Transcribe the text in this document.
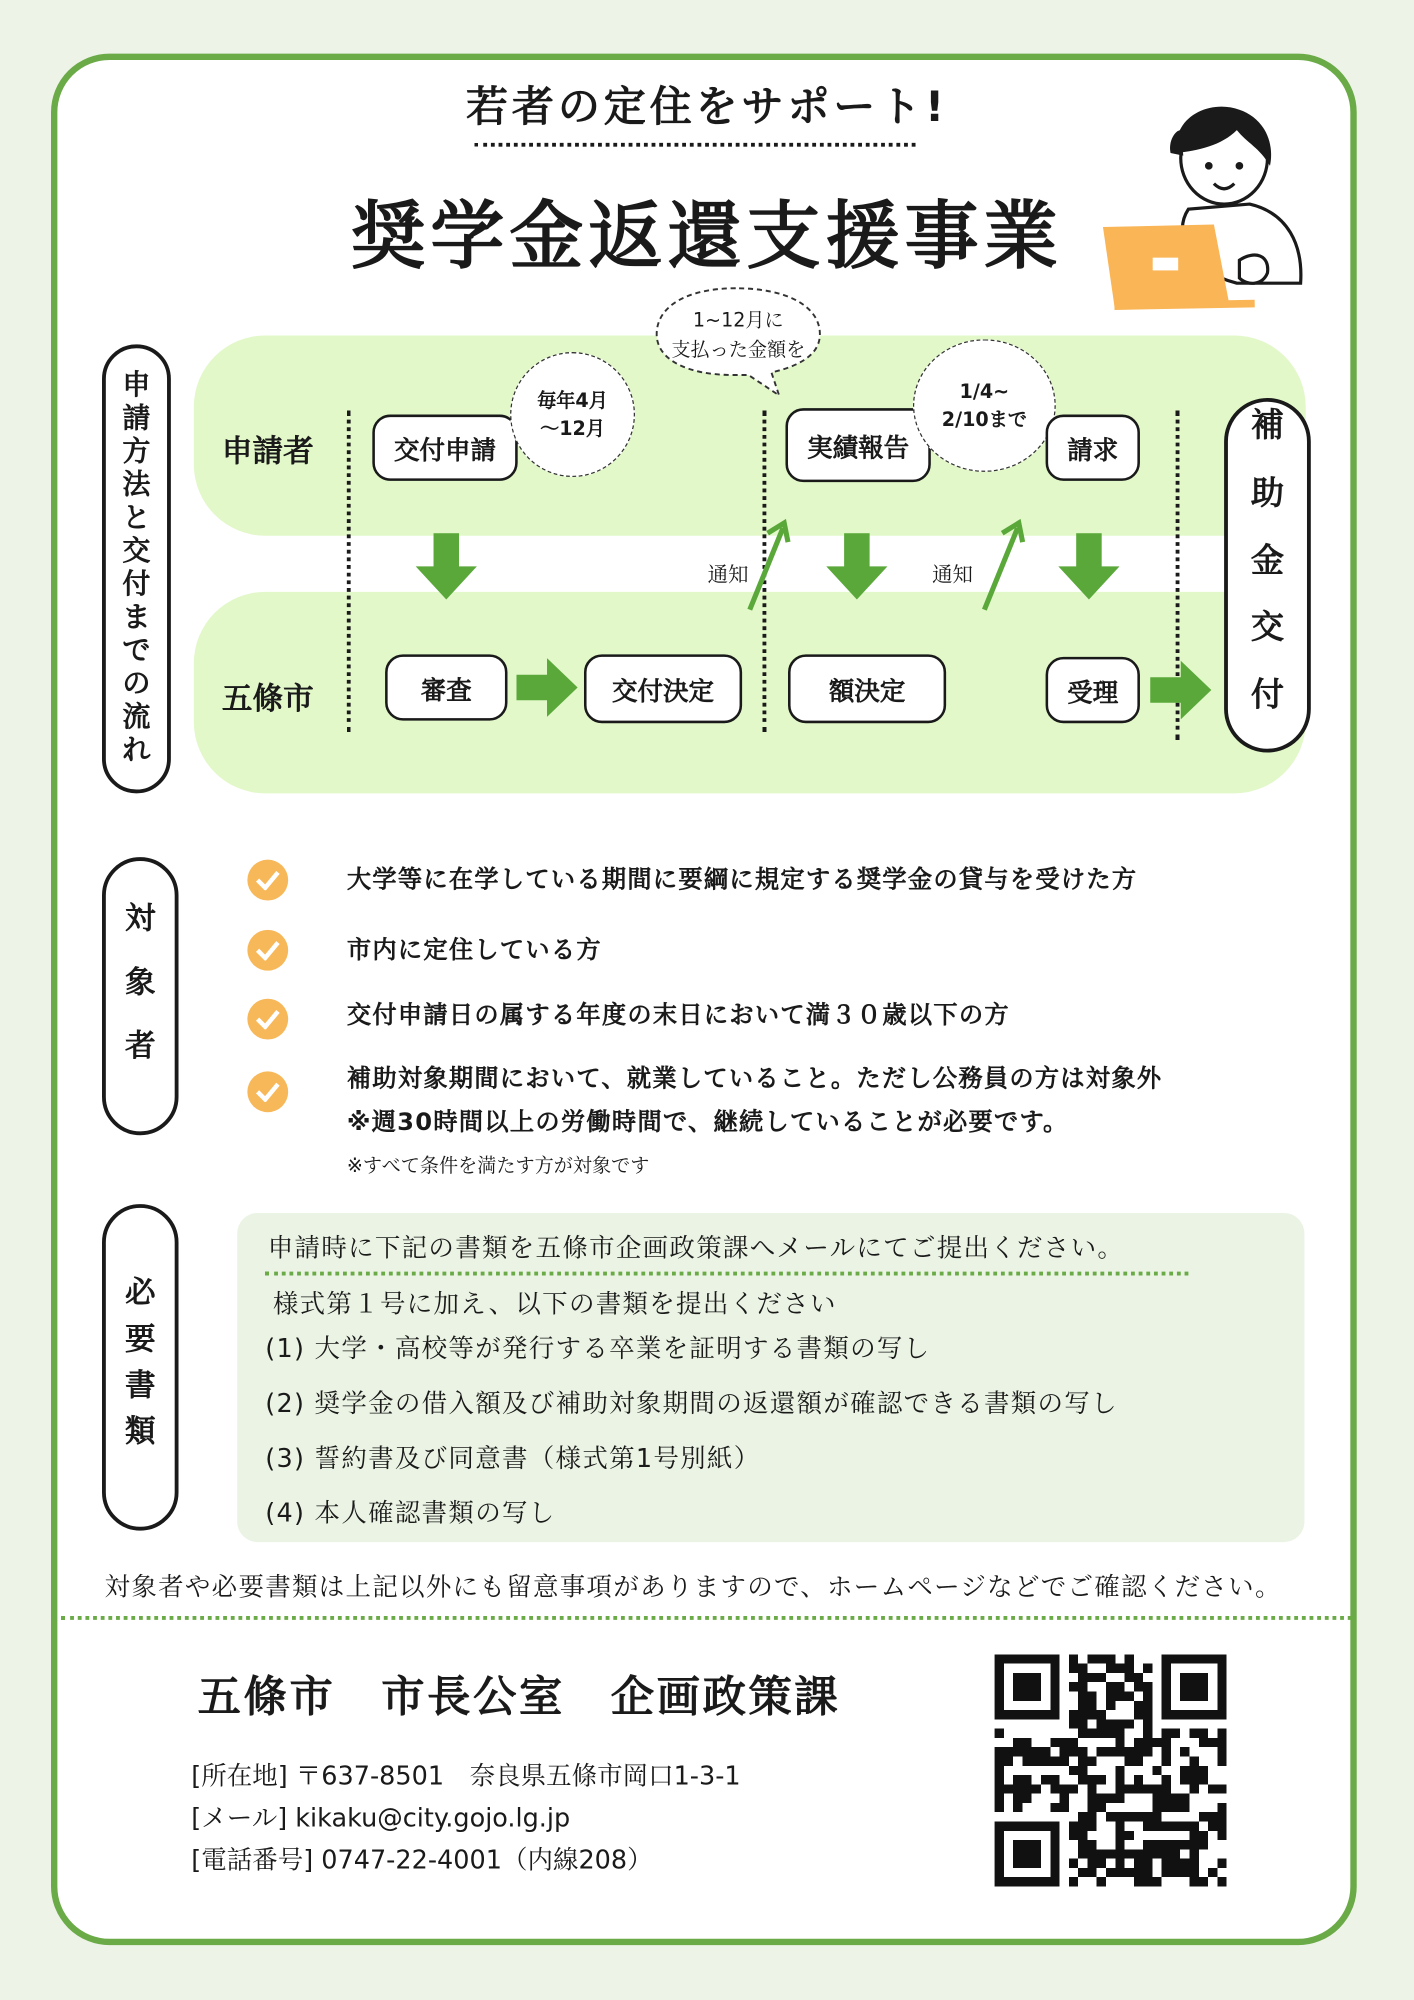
若者の定住をサポート!
奨学金返還支援事業
申
請
方
法
と
交
付
ま
で
の
流
れ
申請者
五條市
交付申請
毎年4月
〜12月
1~12月に
支払った金額を
実績報告
1/4~
2/10まで
請求
審査	交付決定	額決定	受理
補
助
金
交
付
通知	通知
対
象
者
大学等に在学している期間に要綱に規定する奨学金の貸与を受けた方
市内に定住している方
交付申請日の属する年度の末日において満３０歳以下の方
補助対象期間において、就業していること。ただし公務員の方は対象外
※週30時間以上の労働時間で、継続していることが必要です。
※すべて条件を満たす方が対象です
必
要
書
類
申請時に下記の書類を五條市企画政策課へメールにてご提出ください。
様式第１号に加え、以下の書類を提出ください
(1) 大学・高校等が発行する卒業を証明する書類の写し
(2) 奨学金の借入額及び補助対象期間の返還額が確認できる書類の写し
(3) 誓約書及び同意書（様式第1号別紙）
(4) 本人確認書類の写し
対象者や必要書類は上記以外にも留意事項がありますので、ホームページなどでご確認ください。
五條市　市長公室　企画政策課
[所在地] 〒637-8501　奈良県五條市岡口1-3-1
[メール] kikaku@city.gojo.lg.jp
[電話番号] 0747-22-4001（内線208）
